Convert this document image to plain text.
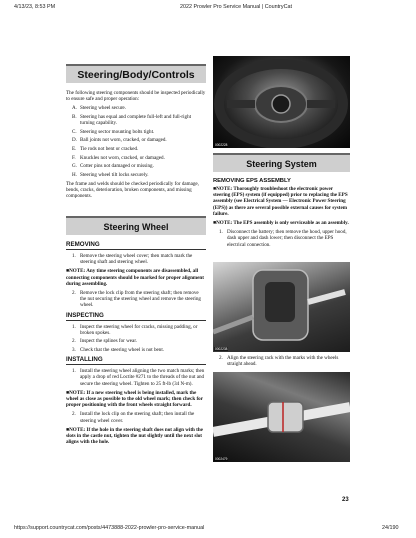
4/13/23, 8:53 PM	2022 Prowler Pro Service Manual | CountryCat
Steering/Body/Controls

The following steering components should be inspected periodically to ensure safe and proper operation:

A. Steering wheel secure.
B. Steering has equal and complete full-left and full-right turning capability.
C. Steering sector mounting bolts tight.
D. Ball joints not worn, cracked, or damaged.
E. Tie rods not bent or cracked.
F. Knuckles not worn, cracked, or damaged.
G. Cotter pins not damaged or missing.
H. Steering wheel tilt locks securely.

The frame and welds should be checked periodically for damage, bends, cracks, deterioration, broken components, and missing components.

Steering Wheel
REMOVING
1. Remove the steering wheel cover; then match mark the steering shaft and steering wheel.

■NOTE: Any time steering components are disassembled, all connecting components should be marked for proper alignment during assembling.

2. Remove the lock clip from the steering shaft; then remove the nut securing the steering wheel and remove the steering wheel.
INSPECTING
1. Inspect the steering wheel for cracks, missing padding, or broken spokes.
2. Inspect the splines for wear.
3. Check that the steering wheel is not bent.
INSTALLING
1. Install the steering wheel aligning the two match marks; then apply a drop of red Loctite #271 to the threads of the nut and secure the steering wheel. Tighten to 25 ft-lb (34 N-m).

■NOTE: If a new steering wheel is being installed, mark the wheel as close as possible to the old wheel mark; then check for proper positioning with the front wheels straight forward.

2. Install the lock clip on the steering shaft; then install the steering wheel cover.

■NOTE: If the hole in the steering shaft does not align with the slots in the castle nut, tighten the nut slightly until the next slot aligns with the hole.

0002228
Steering System
REMOVING EPS ASSEMBLY

■NOTE: Thoroughly troubleshoot the electronic power steering (EPS) system (if equipped) prior to replacing the EPS assembly (see Electrical System — Electronic Power Steering (EPS)) as there are several possible external causes for system failure.

■NOTE: The EPS assembly is only serviceable as an assembly.

1. Disconnect the battery; then remove the hood, upper hood, dash upper and dash lower; then disconnect the EPS electrical connection.
0002238
2. Align the steering rack with the marks with the wheels straight ahead.
0002479
23
https://support.countrycat.com/posts/4473888-2022-prowler-pro-service-manual	24/190
